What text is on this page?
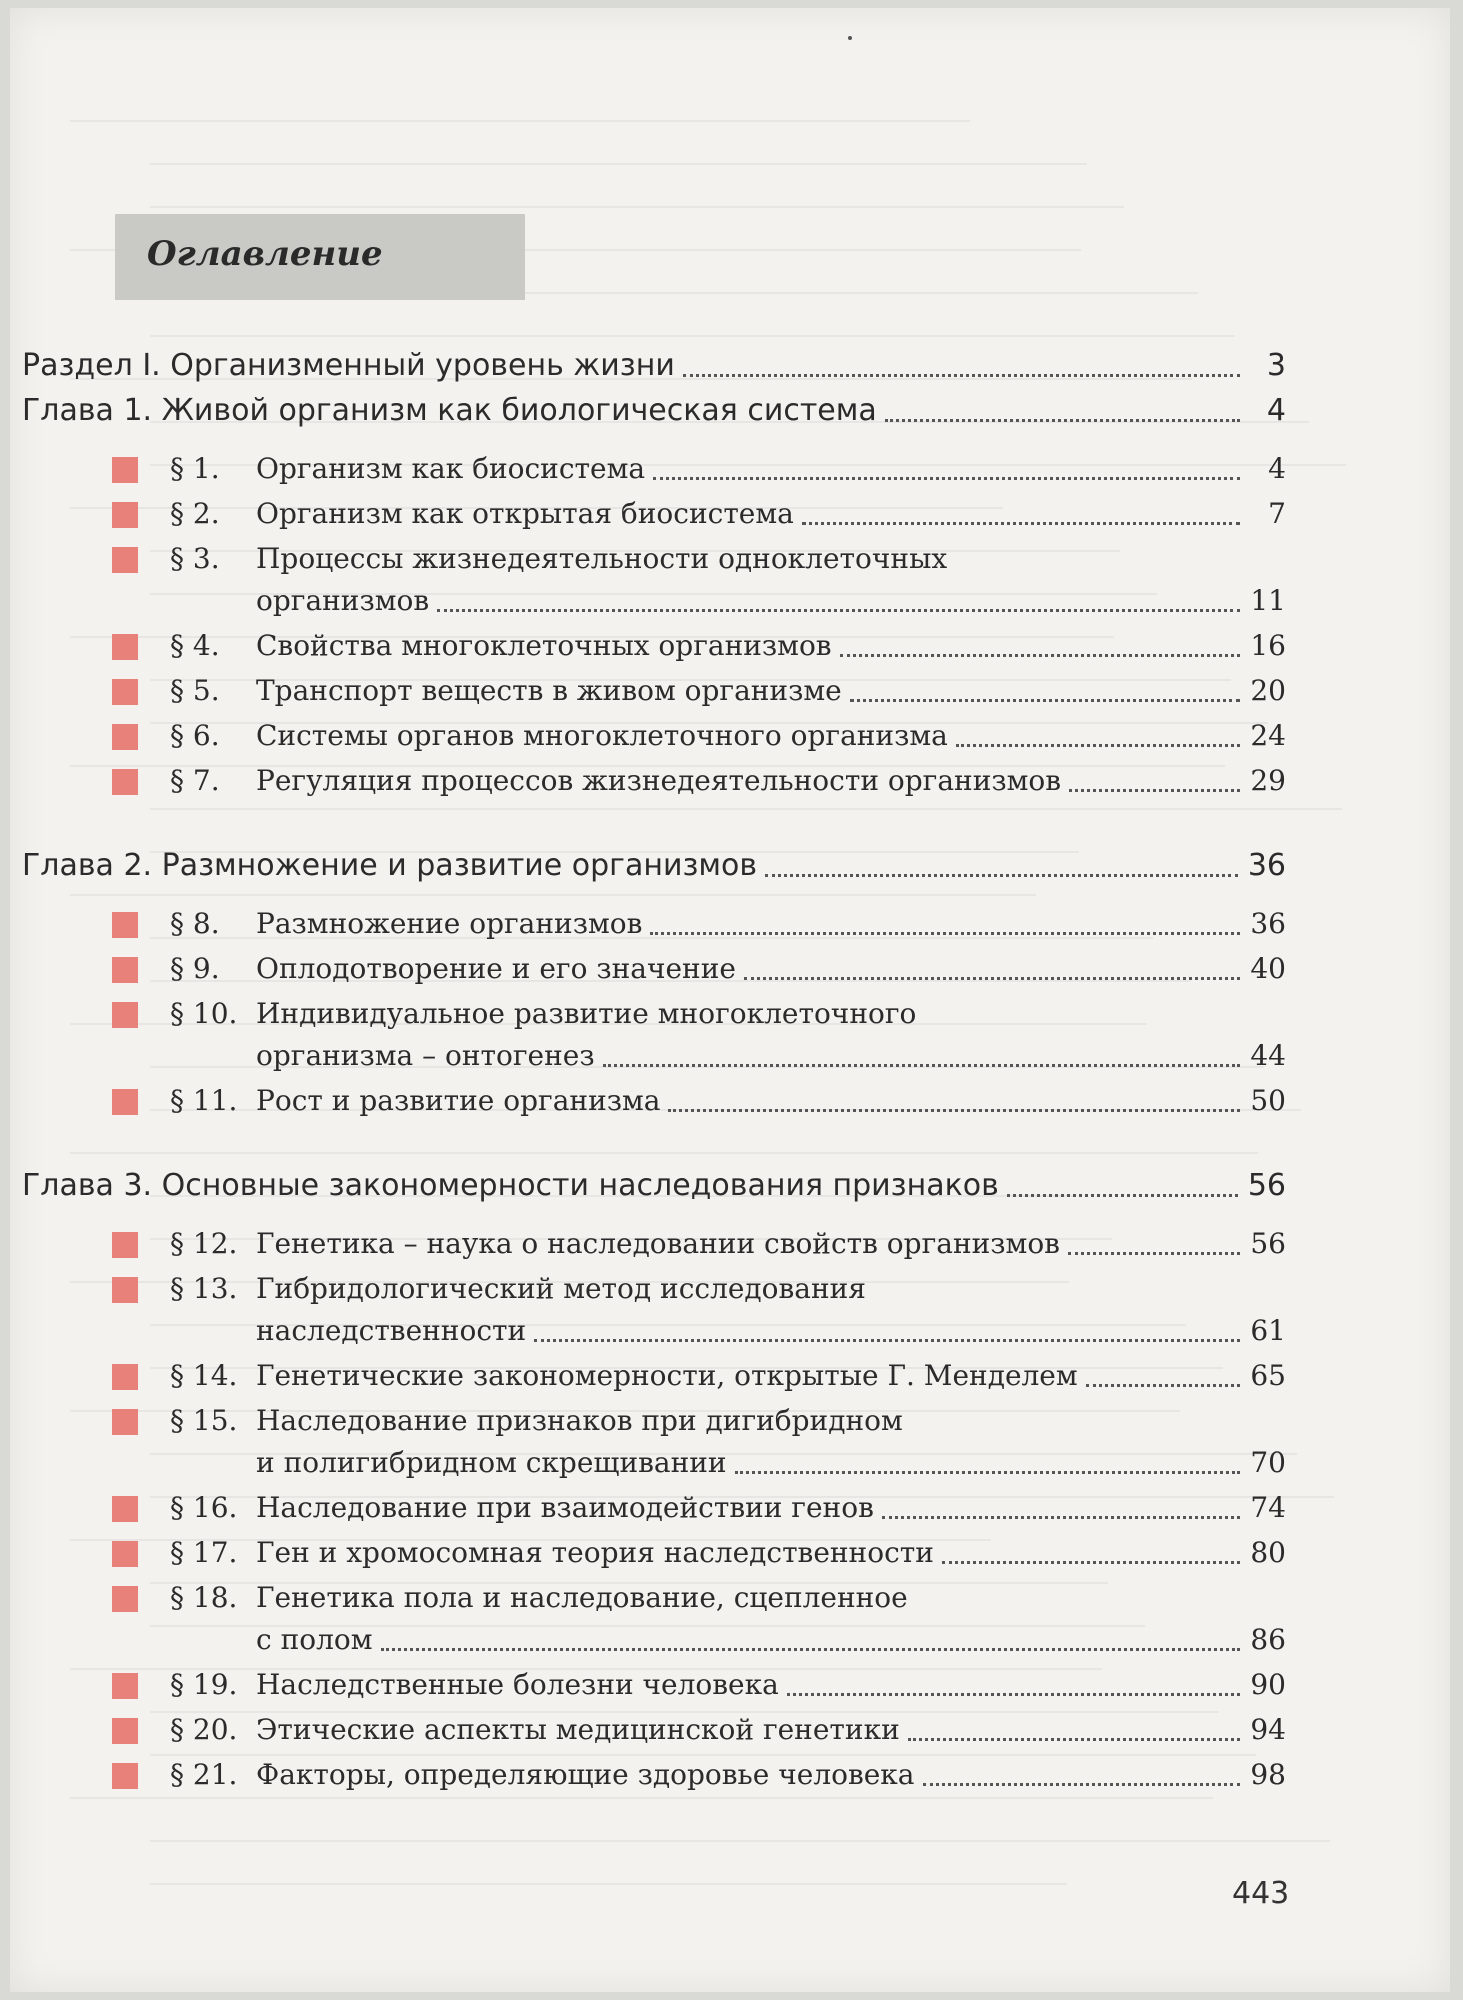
Оглавление
Раздел I. Организменный уровень жизни	3
Глава 1. Живой организм как биологическая система	4
§ 1. Организм как биосистема	4
§ 2. Организм как открытая биосистема	7
§ 3. Процессы жизнедеятельности одноклеточных
организмов	11
§ 4. Свойства многоклеточных организмов	16
§ 5. Транспорт веществ в живом организме	20
§ 6. Системы органов многоклеточного организма	24
§ 7. Регуляция процессов жизнедеятельности организмов	29
Глава 2. Размножение и развитие организмов	36
§ 8. Размножение организмов	36
§ 9. Оплодотворение и его значение	40
§ 10. Индивидуальное развитие многоклеточного
организма – онтогенез	44
§ 11. Рост и развитие организма	50
Глава 3. Основные закономерности наследования признаков	56
§ 12. Генетика – наука о наследовании свойств организмов	56
§ 13. Гибридологический метод исследования
наследственности	61
§ 14. Генетические закономерности, открытые Г. Менделем	65
§ 15. Наследование признаков при дигибридном
и полигибридном скрещивании	70
§ 16. Наследование при взаимодействии генов	74
§ 17. Ген и хромосомная теория наследственности	80
§ 18. Генетика пола и наследование, сцепленное
с полом	86
§ 19. Наследственные болезни человека	90
§ 20. Этические аспекты медицинской генетики	94
§ 21. Факторы, определяющие здоровье человека	98
443
